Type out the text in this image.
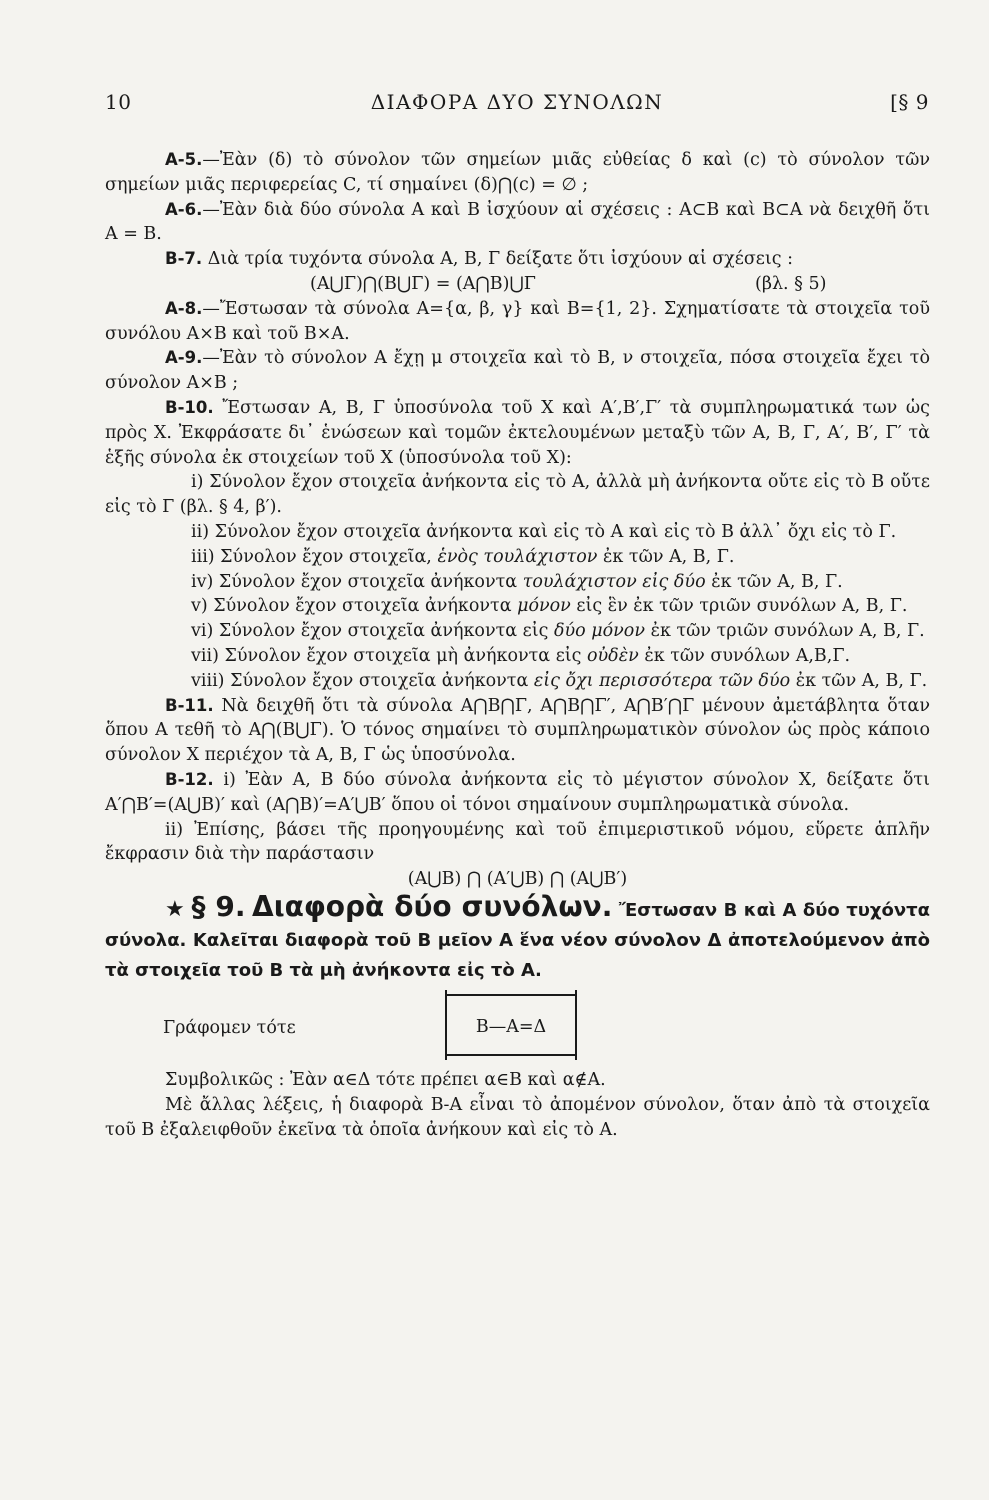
10	ΔΙΑΦΟΡΑ ΔΥΟ ΣΥΝΟΛΩΝ	[§ 9

Α-5.—Ἐὰν (δ) τὸ σύνολον τῶν σημείων μιᾶς εὐθείας δ καὶ (c) τὸ σύνολον τῶν σημείων μιᾶς περιφερείας C, τί σημαίνει (δ)⋂(c) = ∅ ;

Α-6.—Ἐὰν διὰ δύο σύνολα Α καὶ Β ἰσχύουν αἱ σχέσεις : Α⊂Β καὶ Β⊂Α νὰ δειχθῆ ὅτι Α = Β.

Β-7. Διὰ τρία τυχόντα σύνολα Α, Β, Γ δείξατε ὅτι ἰσχύουν αἱ σχέσεις :

(Α⋃Γ)⋂(Β⋃Γ) = (Α⋂Β)⋃Γ	(βλ. § 5)

Α-8.—Ἔστωσαν τὰ σύνολα Α={α, β, γ} καὶ Β={1, 2}. Σχηματίσατε τὰ στοιχεῖα τοῦ συνόλου Α×Β καὶ τοῦ Β×Α.

Α-9.—Ἐὰν τὸ σύνολον Α ἔχῃ μ στοιχεῖα καὶ τὸ Β, ν στοιχεῖα, πόσα στοιχεῖα ἔχει τὸ σύνολον Α×Β ;

Β-10. Ἔστωσαν Α, Β, Γ ὑποσύνολα τοῦ Χ καὶ Α′,Β′,Γ′ τὰ συμπληρωματικά των ὡς πρὸς Χ. Ἐκφράσατε δι᾽ ἑνώσεων καὶ τομῶν ἐκτελουμένων μεταξὺ τῶν Α, Β, Γ, Α′, Β′, Γ′ τὰ ἑξῆς σύνολα ἐκ στοιχείων τοῦ Χ (ὑποσύνολα τοῦ Χ):

i) Σύνολον ἔχον στοιχεῖα ἀνήκοντα εἰς τὸ Α, ἀλλὰ μὴ ἀνήκοντα οὔτε εἰς τὸ Β οὔτε εἰς τὸ Γ (βλ. § 4, β′).

ii) Σύνολον ἔχον στοιχεῖα ἀνήκοντα καὶ εἰς τὸ Α καὶ εἰς τὸ Β ἀλλ᾽ ὄχι εἰς τὸ Γ.

iii) Σύνολον ἔχον στοιχεῖα, ἑνὸς τουλάχιστον ἐκ τῶν Α, Β, Γ.

iv) Σύνολον ἔχον στοιχεῖα ἀνήκοντα τουλάχιστον εἰς δύο ἐκ τῶν Α, Β, Γ.

v) Σύνολον ἔχον στοιχεῖα ἀνήκοντα μόνον εἰς ἓν ἐκ τῶν τριῶν συνόλων Α, Β, Γ.

vi) Σύνολον ἔχον στοιχεῖα ἀνήκοντα εἰς δύο μόνον ἐκ τῶν τριῶν συνόλων Α, Β, Γ.

vii) Σύνολον ἔχον στοιχεῖα μὴ ἀνήκοντα εἰς οὐδὲν ἐκ τῶν συνόλων Α,Β,Γ.

viii) Σύνολον ἔχον στοιχεῖα ἀνήκοντα εἰς ὄχι περισσότερα τῶν δύο ἐκ τῶν Α, Β, Γ.

Β-11. Νὰ δειχθῆ ὅτι τὰ σύνολα Α⋂Β⋂Γ, Α⋂Β⋂Γ′, Α⋂Β′⋂Γ μένουν ἀμετάβλητα ὅταν ὅπου Α τεθῆ τὸ Α⋂(Β⋃Γ). Ὁ τόνος σημαίνει τὸ συμπληρωματικὸν σύνολον ὡς πρὸς κάποιο σύνολον Χ περιέχον τὰ Α, Β, Γ ὡς ὑποσύνολα.

Β-12. i) Ἐὰν Α, Β δύο σύνολα ἀνήκοντα εἰς τὸ μέγιστον σύνολον Χ, δείξατε ὅτι Α′⋂Β′=(Α⋃Β)′ καὶ (Α⋂Β)′=Α′⋃Β′ ὅπου οἱ τόνοι σημαίνουν συμπληρωματικὰ σύνολα.

ii) Ἐπίσης, βάσει τῆς προηγουμένης καὶ τοῦ ἐπιμεριστικοῦ νόμου, εὕρετε ἁπλῆν ἔκφρασιν διὰ τὴν παράστασιν

(Α⋃Β) ⋂ (Α′⋃Β) ⋂ (Α⋃Β′)

★ § 9. Διαφορὰ δύο συνόλων. Ἔστωσαν Β καὶ Α δύο τυχόντα σύνολα. Καλεῖται διαφορὰ τοῦ Β μεῖον Α ἕνα νέον σύνολον Δ ἀποτελούμενον ἀπὸ τὰ στοιχεῖα τοῦ Β τὰ μὴ ἀνήκοντα εἰς τὸ Α.

Γράφομεν τότε	Β—Α=Δ

Συμβολικῶς : Ἐὰν α∈Δ τότε πρέπει α∈Β καὶ α∉Α.

Μὲ ἄλλας λέξεις, ἡ διαφορὰ Β-Α εἶναι τὸ ἀπομένον σύνολον, ὅταν ἀπὸ τὰ στοιχεῖα τοῦ Β ἐξαλειφθοῦν ἐκεῖνα τὰ ὁποῖα ἀνήκουν καὶ εἰς τὸ Α.
